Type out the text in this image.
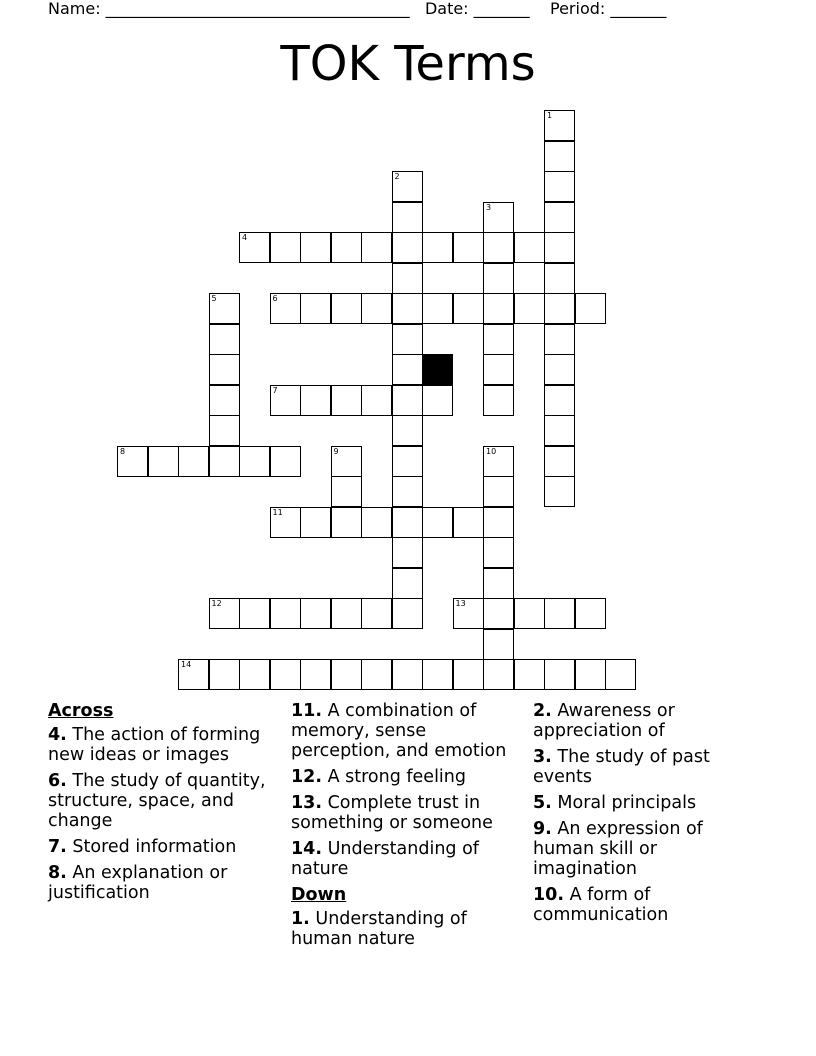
Name: ______________________________________   Date: _______    Period: _______
TOK Terms
4
6
7
8
11
12	13
14
1
2
3
5
9	10
Across
4. The action of forming new ideas or images
6. The study of quantity, structure, space, and change
7. Stored information
8. An explanation or justification
11. A combination of memory, sense perception, and emotion
12. A strong feeling
13. Complete trust in something or someone
14. Understanding of nature
Down
1. Understanding of human nature
2. Awareness or appreciation of
3. The study of past events
5. Moral principals
9. An expression of human skill or imagination
10. A form of communication
